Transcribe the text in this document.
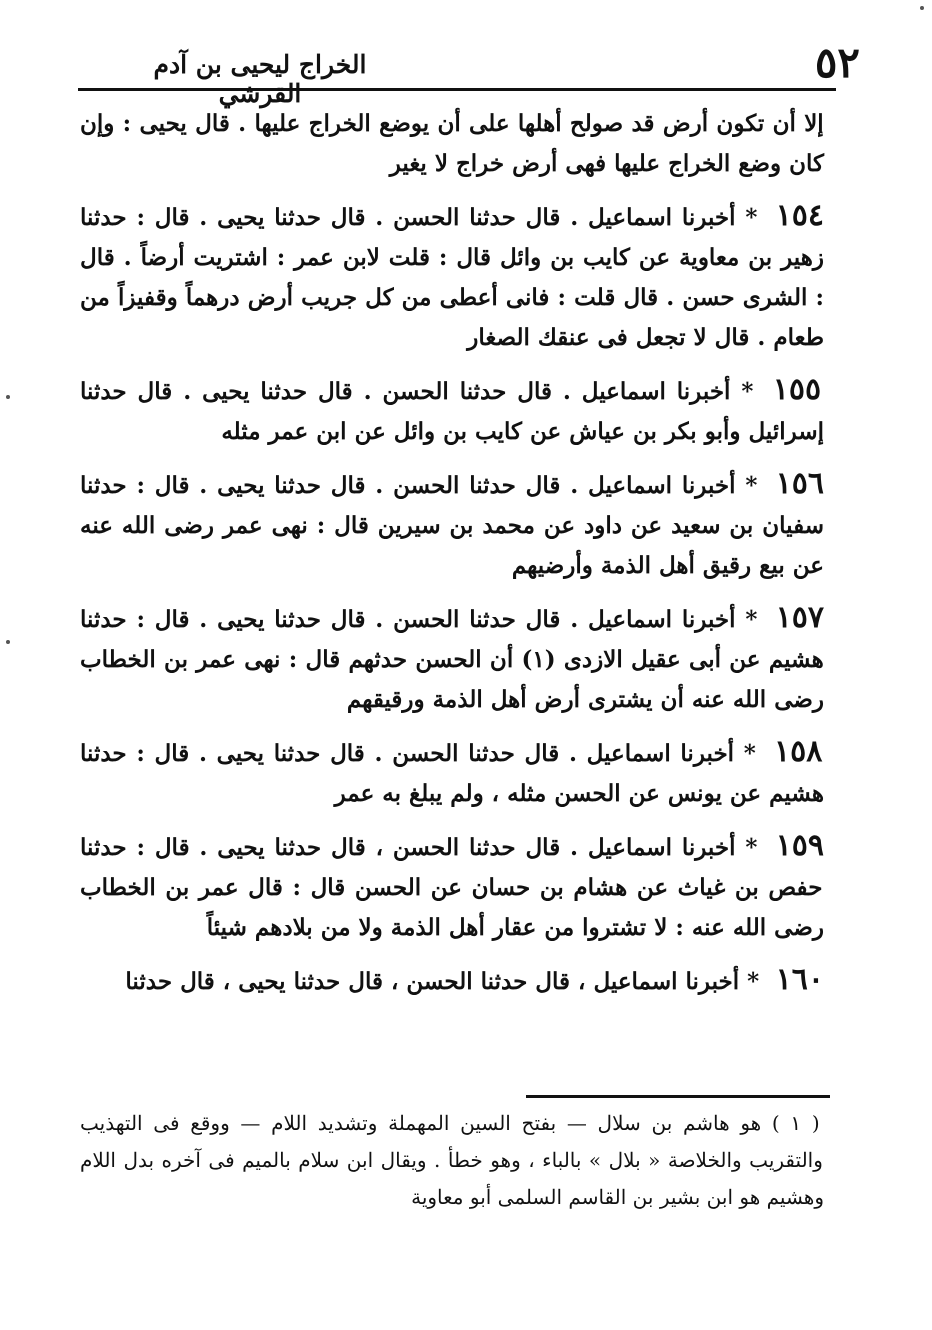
٥٢
الخراج ليحيى بن آدم القرشي

إلا أن تكون أرض قد صولح أهلها على أن يوضع الخراج عليها . قال يحيى : وإن كان وضع الخراج عليها فهى أرض خراج لا يغير

١٥٤ * أخبرنا اسماعيل . قال حدثنا الحسن . قال حدثنا يحيى . قال : حدثنا زهير بن معاوية عن كايب بن وائل قال : قلت لابن عمر : اشتريت أرضاً . قال : الشرى حسن . قال قلت : فانى أعطى من كل جريب أرض درهماً وقفيزاً من طعام . قال لا تجعل فى عنقك الصغار

١٥٥ * أخبرنا اسماعيل . قال حدثنا الحسن . قال حدثنا يحيى . قال حدثنا إسرائيل وأبو بكر بن عياش عن كايب بن وائل عن ابن عمر مثله

١٥٦ * أخبرنا اسماعيل . قال حدثنا الحسن . قال حدثنا يحيى . قال : حدثنا سفيان بن سعيد عن داود عن محمد بن سيرين قال : نهى عمر رضى الله عنه عن بيع رقيق أهل الذمة وأرضيهم

١٥٧ * أخبرنا اسماعيل . قال حدثنا الحسن . قال حدثنا يحيى . قال : حدثنا هشيم عن أبى عقيل الازدى (١) أن الحسن حدثهم قال : نهى عمر بن الخطاب رضى الله عنه أن يشترى أرض أهل الذمة ورقيقهم

١٥٨ * أخبرنا اسماعيل . قال حدثنا الحسن . قال حدثنا يحيى . قال : حدثنا هشيم عن يونس عن الحسن مثله ، ولم يبلغ به عمر

١٥٩ * أخبرنا اسماعيل . قال حدثنا الحسن ، قال حدثنا يحيى . قال : حدثنا حفص بن غياث عن هشام بن حسان عن الحسن قال : قال عمر بن الخطاب رضى الله عنه : لا تشتروا من عقار أهل الذمة ولا من بلادهم شيئاً

١٦٠ * أخبرنا اسماعيل ، قال حدثنا الحسن ، قال حدثنا يحيى ، قال حدثنا

( ١ ) هو هاشم بن سلال — بفتح السين المهملة وتشديد اللام — ووقع فى التهذيب والتقريب والخلاصة « بلال » بالباء ، وهو خطأ . ويقال ابن سلام بالميم فى آخره بدل اللام وهشيم هو ابن بشير بن القاسم السلمى أبو معاوية
